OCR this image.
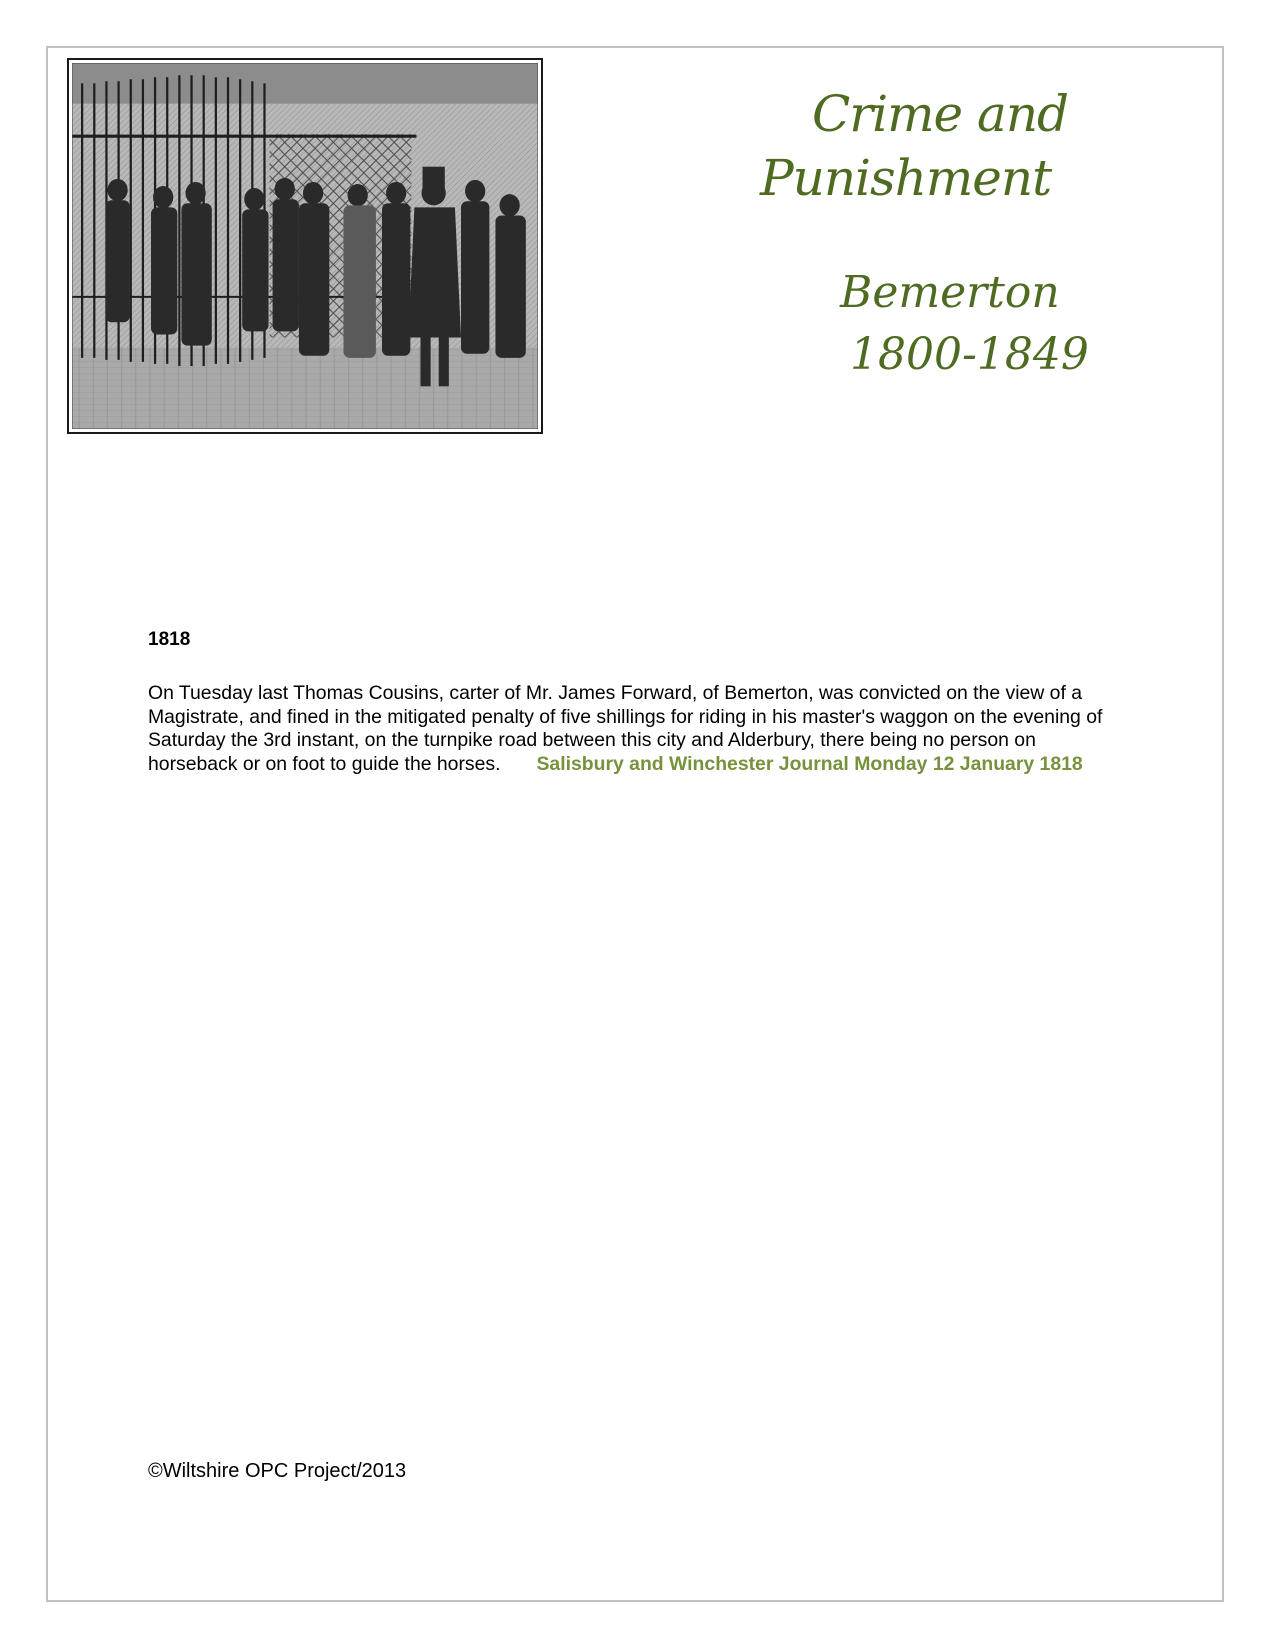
Crime and
Punishment
Bemerton
1800-1849
1818
On Tuesday last Thomas Cousins, carter of Mr. James Forward, of Bemerton, was convicted on the view of a Magistrate, and fined in the mitigated penalty of five shillings for riding in his master's waggon on the evening of Saturday the 3rd instant, on the turnpike road between this city and Alderbury, there being no person on horseback or on foot to guide the horses. Salisbury and Winchester Journal Monday 12 January 1818
©Wiltshire OPC Project/2013
